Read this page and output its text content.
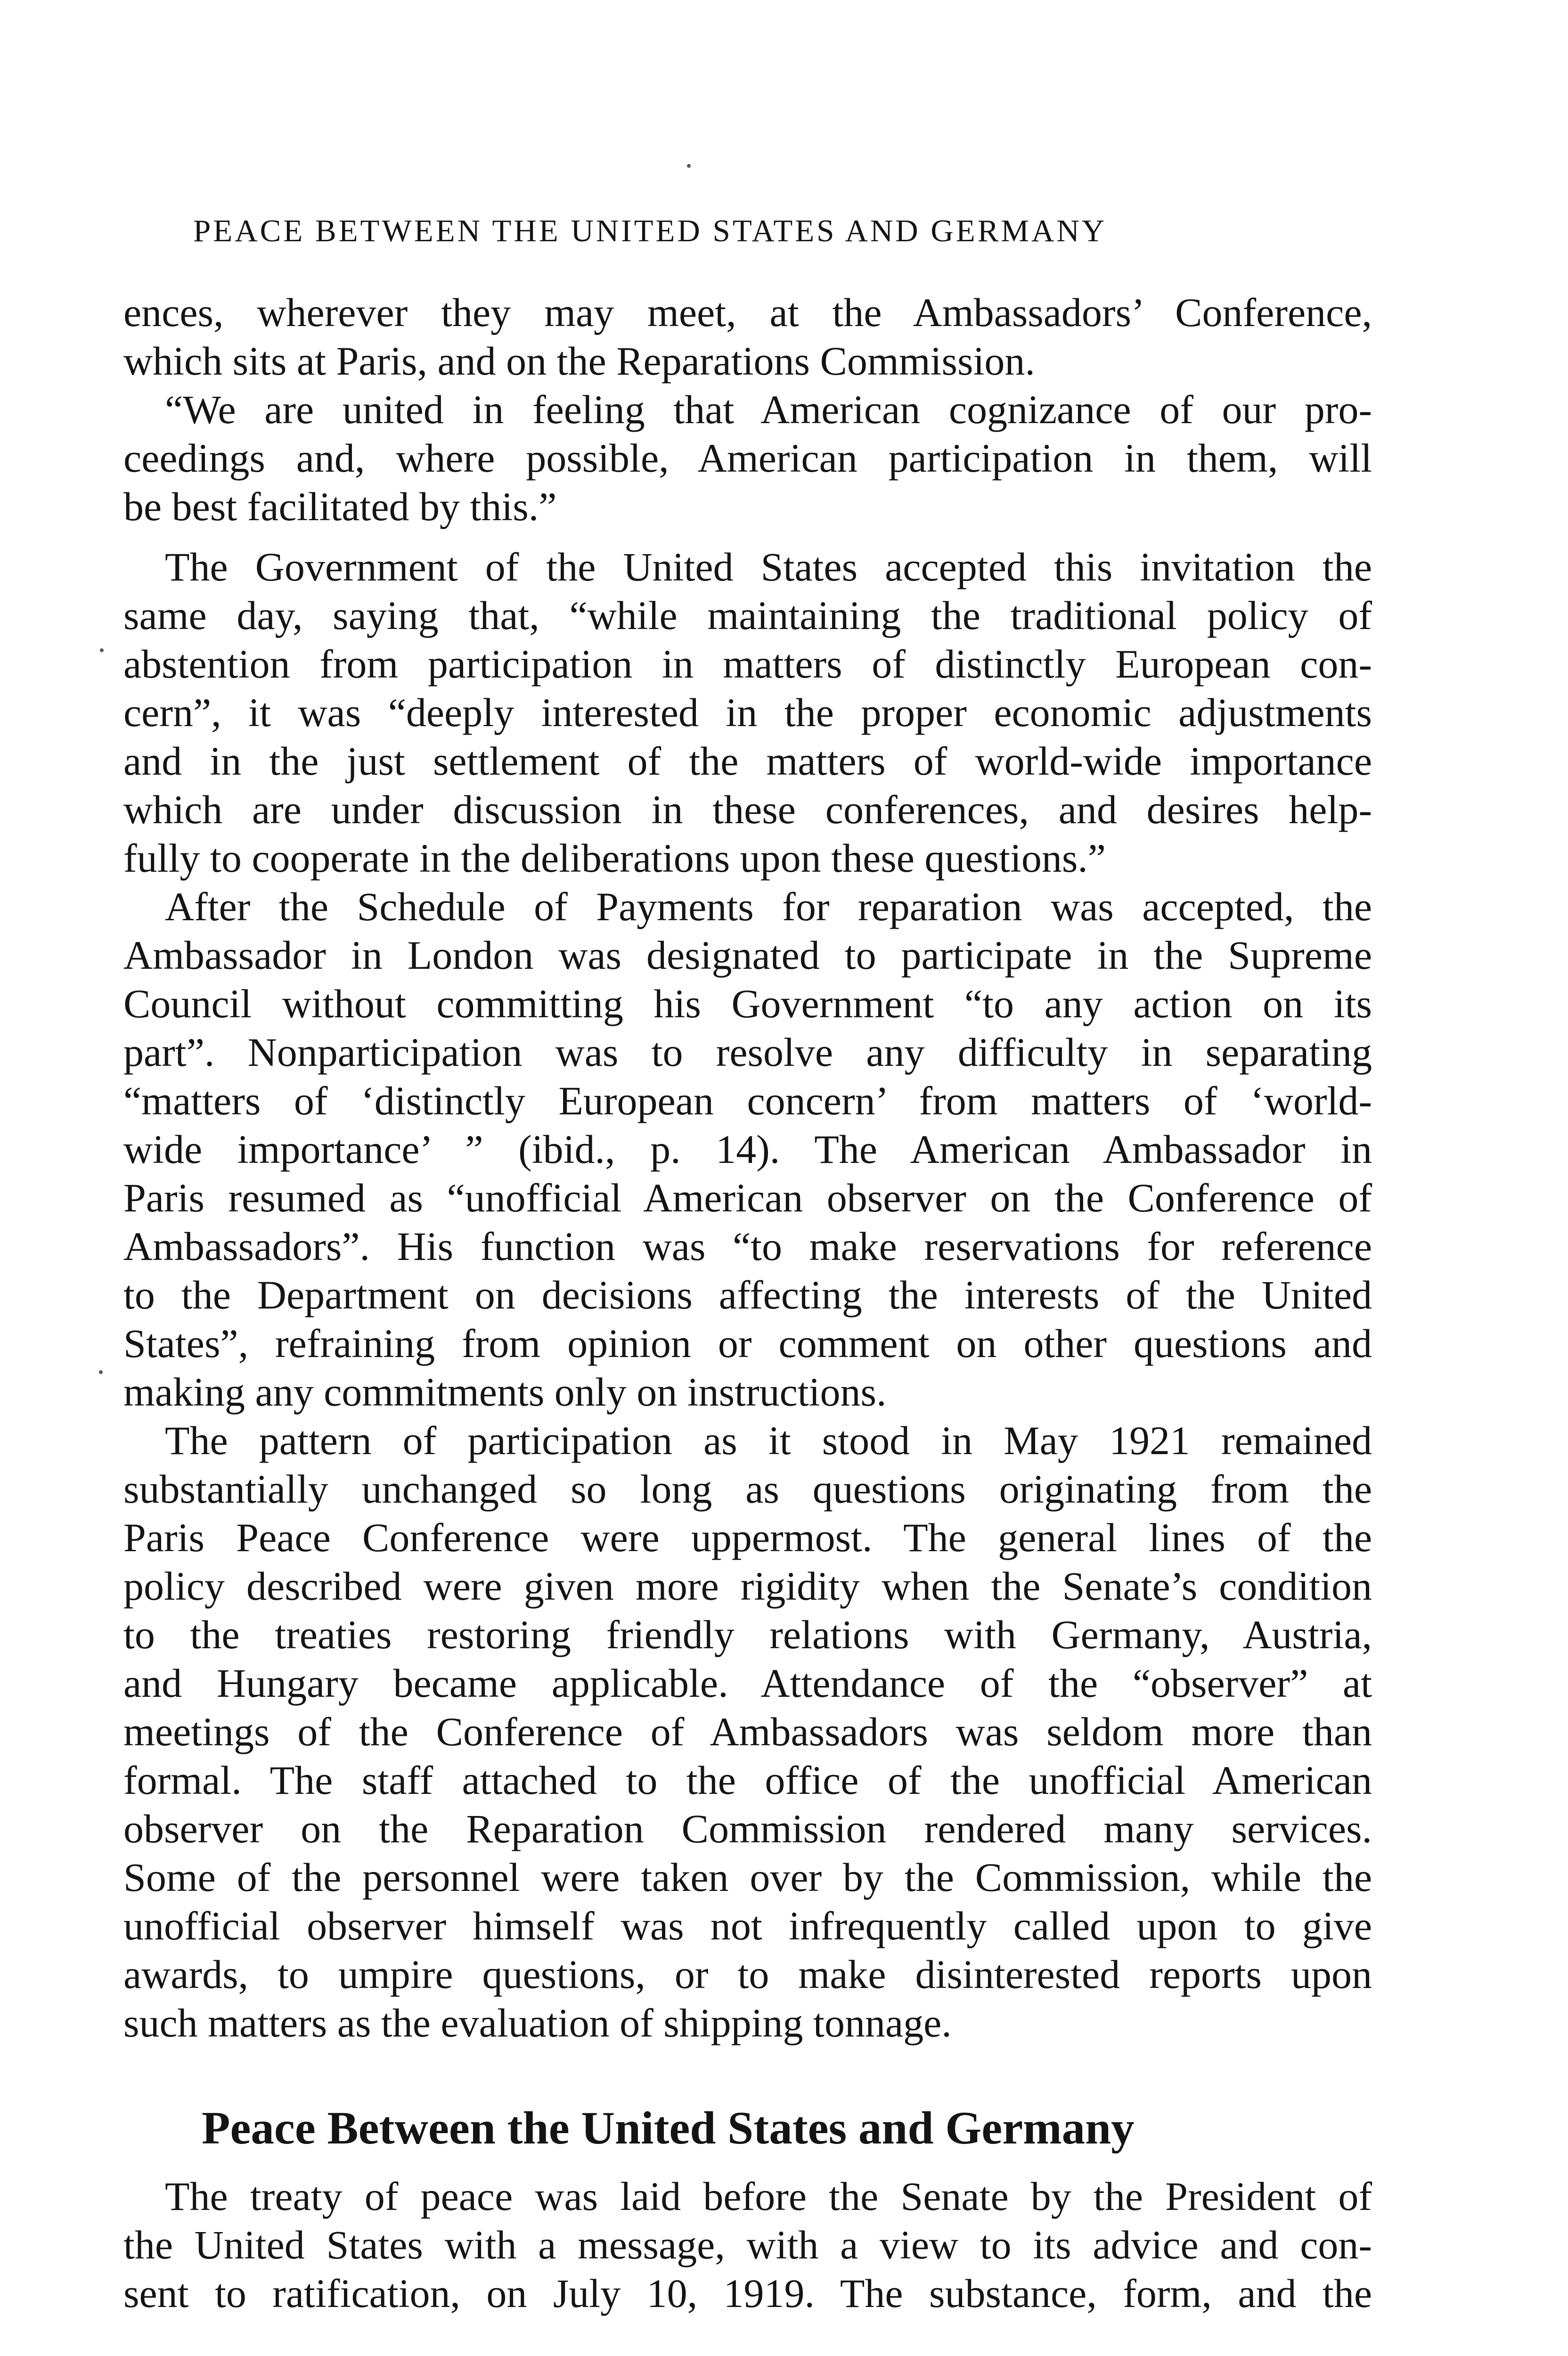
PEACE BETWEEN THE UNITED STATES AND GERMANY
ences, wherever they may meet, at the Ambassadors’ Conference,
which sits at Paris, and on the Reparations Commission.
“We are united in feeling that American cognizance of our pro-
ceedings and, where possible, American participation in them, will
be best facilitated by this.”
The Government of the United States accepted this invitation the
same day, saying that, “while maintaining the traditional policy of
abstention from participation in matters of distinctly European con-
cern”, it was “deeply interested in the proper economic adjustments
and in the just settlement of the matters of world-wide importance
which are under discussion in these conferences, and desires help-
fully to cooperate in the deliberations upon these questions.”
After the Schedule of Payments for reparation was accepted, the
Ambassador in London was designated to participate in the Supreme
Council without committing his Government “to any action on its
part”. Nonparticipation was to resolve any difficulty in separating
“matters of ‘distinctly European concern’ from matters of ‘world-
wide importance’ ” (ibid., p. 14). The American Ambassador in
Paris resumed as “unofficial American observer on the Conference of
Ambassadors”. His function was “to make reservations for reference
to the Department on decisions affecting the interests of the United
States”, refraining from opinion or comment on other questions and
making any commitments only on instructions.
The pattern of participation as it stood in May 1921 remained
substantially unchanged so long as questions originating from the
Paris Peace Conference were uppermost. The general lines of the
policy described were given more rigidity when the Senate’s condition
to the treaties restoring friendly relations with Germany, Austria,
and Hungary became applicable. Attendance of the “observer” at
meetings of the Conference of Ambassadors was seldom more than
formal. The staff attached to the office of the unofficial American
observer on the Reparation Commission rendered many services.
Some of the personnel were taken over by the Commission, while the
unofficial observer himself was not infrequently called upon to give
awards, to umpire questions, or to make disinterested reports upon
such matters as the evaluation of shipping tonnage.
Peace Between the United States and Germany
The treaty of peace was laid before the Senate by the President of
the United States with a message, with a view to its advice and con-
sent to ratification, on July 10, 1919. The substance, form, and the
